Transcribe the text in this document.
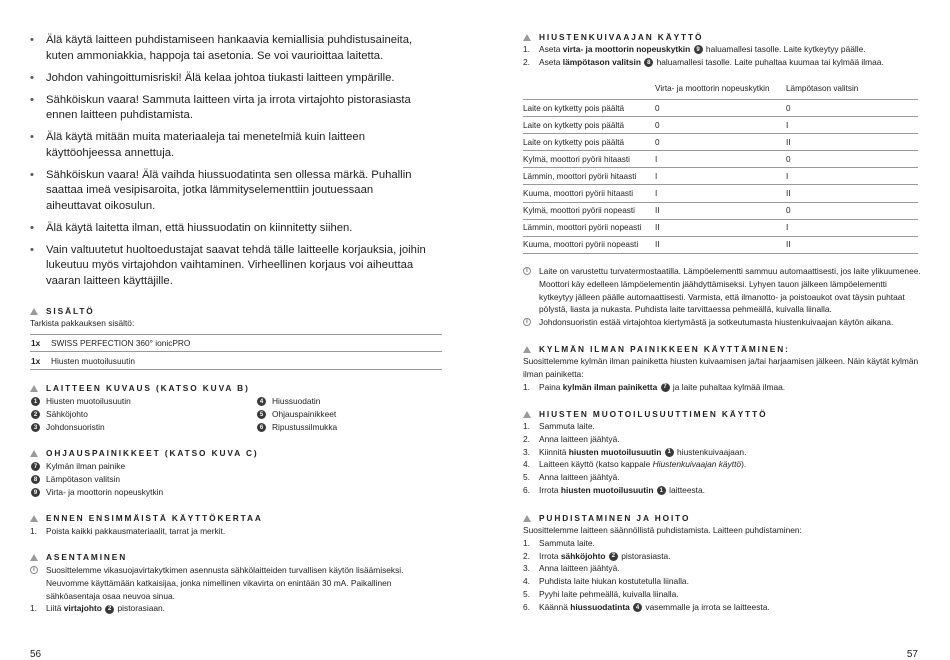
• Älä käytä laitteen puhdistamiseen hankaavia kemiallisia puhdistusaineita, kuten ammoniakkia, happoja tai asetonia. Se voi vaurioittaa laitetta.
• Johdon vahingoittumisriski! Älä kelaa johtoa tiukasti laitteen ympärille.
• Sähköiskun vaara! Sammuta laitteen virta ja irrota virtajohto pistorasiasta ennen laitteen puhdistamista.
• Älä käytä mitään muita materiaaleja tai menetelmiä kuin laitteen käyttöohjeessa annettuja.
• Sähköiskun vaara! Älä vaihda hiussuodatinta sen ollessa märkä. Puhallin saattaa imeä vesipisaroita, jotka lämmityselementtiin joutuessaan aiheuttavat oikosulun.
• Älä käytä laitetta ilman, että hiussuodatin on kiinnitetty siihen.
• Vain valtuutetut huoltoedustajat saavat tehdä tälle laitteelle korjauksia, joihin lukeutuu myös virtajohdon vaihtaminen. Virheellinen korjaus voi aiheuttaa vaaran laitteen käyttäjille.
SISÄLTÖ
Tarkista pakkauksen sisältö:
1x	SWISS PERFECTION 360° ionicPRO
1x	Hiusten muotoilusuutin
LAITTEEN KUVAUS (KATSO KUVA B)
1	Hiusten muotoilusuutin
2	Sähköjohto
3	Johdonsuoristin
4	Hiussuodatin
5	Ohjauspainikkeet
6	Ripustussilmukka
OHJAUSPAINIKKEET (KATSO KUVA C)
7	Kylmän ilman painike
8	Lämpötason valitsin
9	Virta- ja moottorin nopeuskytkin
ENNEN ENSIMMÄISTÄ KÄYTTÖKERTAA
1.	Poista kaikki pakkausmateriaalit, tarrat ja merkit.
ASENTAMINEN
i	Suosittelemme vikasuojavirtakytkimen asennusta sähkölaitteiden turvallisen käytön lisäämiseksi. Neuvomme käyttämään katkaisijaa, jonka nimellinen vikavirta on enintään 30 mA. Paikallinen sähköasentaja osaa neuvoa sinua.
1.	Liitä virtajohto 2 pistorasiaan.
56
HIUSTENKUIVAAJAN KÄYTTÖ
1.	Aseta virta- ja moottorin nopeuskytkin 9 haluamallesi tasolle. Laite kytkeytyy päälle.
2.	Aseta lämpötason valitsin 8 haluamallesi tasolle. Laite puhaltaa kuumaa tai kylmää ilmaa.
	Virta- ja moottorin nopeuskytkin	Lämpötason valitsin
Laite on kytketty pois päältä	0	0
Laite on kytketty pois päältä	0	I
Laite on kytketty pois päältä	0	II
Kylmä, moottori pyörii hitaasti	I	0
Lämmin, moottori pyörii hitaasti	I	I
Kuuma, moottori pyörii hitaasti	I	II
Kylmä, moottori pyörii nopeasti	II	0
Lämmin, moottori pyörii nopeasti	II	I
Kuuma, moottori pyörii nopeasti	II	II
i	Laite on varustettu turvatermostaatilla. Lämpöelementti sammuu automaattisesti, jos laite ylikuumenee. Moottori käy edelleen lämpöelementin jäähdyttämiseksi. Lyhyen tauon jälkeen lämpöelementti kytkeytyy jälleen päälle automaattisesti. Varmista, että ilmanotto- ja poistoaukot ovat täysin puhtaat pölystä, liasta ja nukasta. Puhdista laite tarvittaessa pehmeällä, kuivalla liinalla.
i	Johdonsuoristin estää virtajohtoa kiertymästä ja sotkeutumasta hiustenkuivaajan käytön aikana.
KYLMÄN ILMAN PAINIKKEEN KÄYTTÄMINEN:
Suosittelemme kylmän ilman painiketta hiusten kuivaamisen ja/tai harjaamisen jälkeen. Näin käytät kylmän ilman painiketta:
1.	Paina kylmän ilman painiketta 7 ja laite puhaltaa kylmää ilmaa.
HIUSTEN MUOTOILUSUUTTIMEN KÄYTTÖ
1.	Sammuta laite.
2.	Anna laitteen jäähtyä.
3.	Kiinnitä hiusten muotoilusuutin 1 hiustenkuivaajaan.
4.	Laitteen käyttö (katso kappale Hiustenkuivaajan käyttö).
5.	Anna laitteen jäähtyä.
6.	Irrota hiusten muotoilusuutin 1 laitteesta.
PUHDISTAMINEN JA HOITO
Suosittelemme laitteen säännöllistä puhdistamista. Laitteen puhdistaminen:
1.	Sammuta laite.
2.	Irrota sähköjohto 2 pistorasiasta.
3.	Anna laitteen jäähtyä.
4.	Puhdista laite hiukan kostutetulla liinalla.
5.	Pyyhi laite pehmeällä, kuivalla liinalla.
6.	Käännä hiussuodatinta 4 vasemmalle ja irrota se laitteesta.
57
